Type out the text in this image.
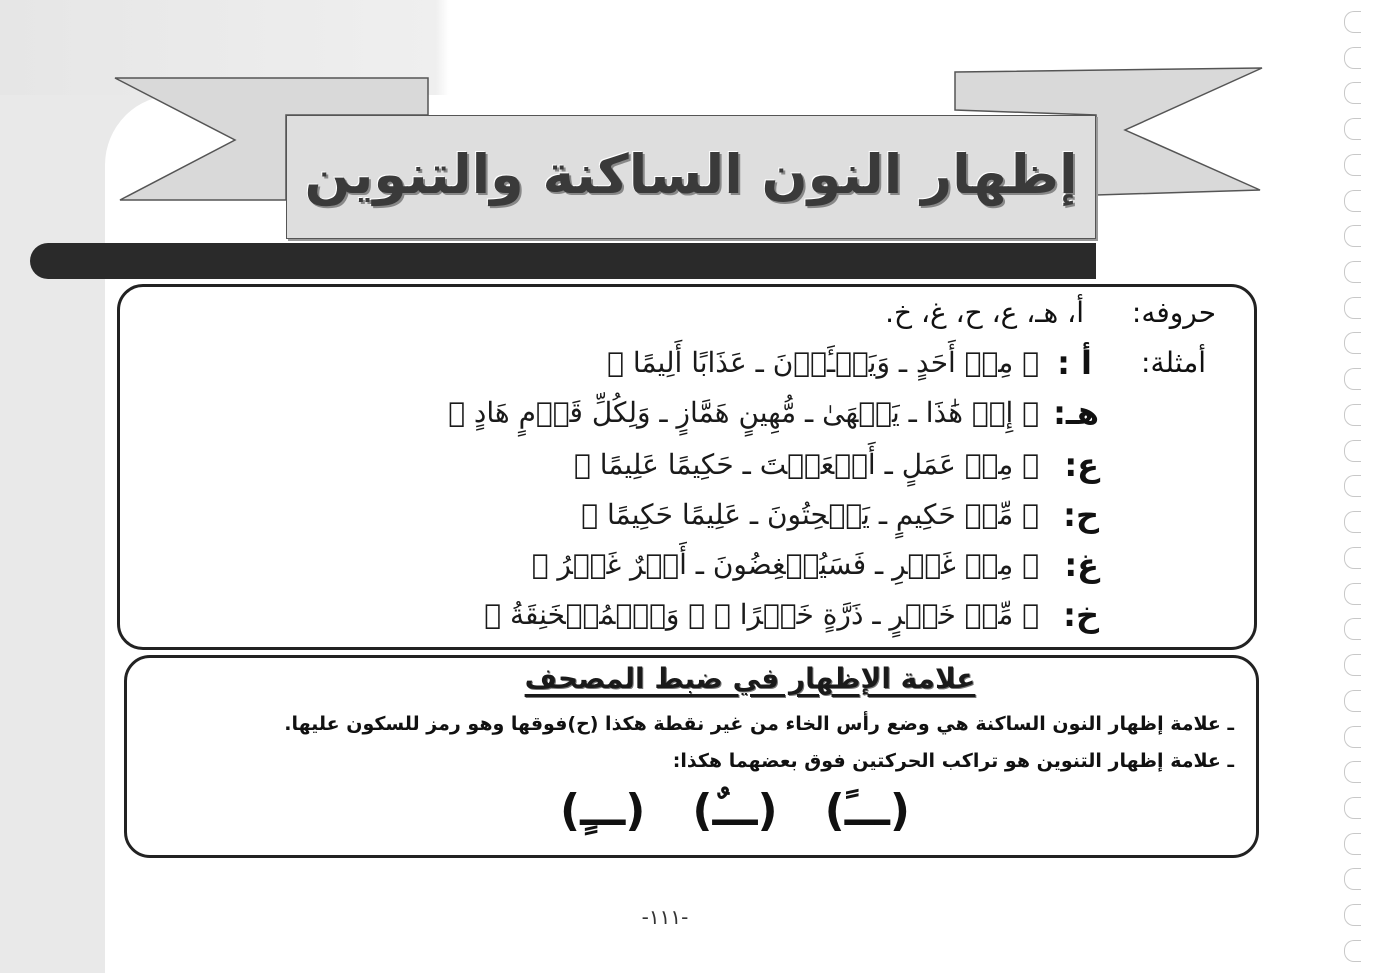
إظهار النون الساكنة والتنوين
حروفه:
أ، هـ، ع، ح، غ، خ.
أمثلة:
أ :
﴿ مِنۡ أَحَدٍ ـ وَيَنۡـَٔوۡنَ ـ عَذَابًا أَلِيمًا ﴾
هـ:
﴿ إِنۡ هَٰذَا ـ يَنۡهَىٰ ـ مُّهِينٍ هَمَّازٍ ـ وَلِكُلِّ قَوۡمٍ هَادٍ ﴾
ع:
﴿ مِنۡ عَمَلٍ ـ أَنۡعَمۡتَ ـ حَكِيمًا عَلِيمًا ﴾
ح:
﴿ مِّنۡ حَكِيمٍ ـ يَنۡحِتُونَ ـ عَلِيمًا حَكِيمًا ﴾
غ:
﴿ مِنۡ غَيۡرِ ـ فَسَيُنۡغِضُونَ ـ أَجۡرٌ غَيۡرُ ﴾
خ:
﴿ مِّنۡ خَيۡرٍ ـ ذَرَّةٍ خَيۡرًا ﴾ ﴿ وَٱلۡمُنۡخَنِقَةُ ﴾
علامة الإظهار في ضبط المصحف
ـ علامة إظهار النون الساكنة هي وضع رأس الخاء من غير نقطة هكذا (ح)فوقها وهو رمز للسكون عليها.
ـ علامة إظهار التنوين هو تراكب الحركتين فوق بعضهما هكذا:
(ـــً)
(ـــٌ)
(ـــٍ)
-١١١-
